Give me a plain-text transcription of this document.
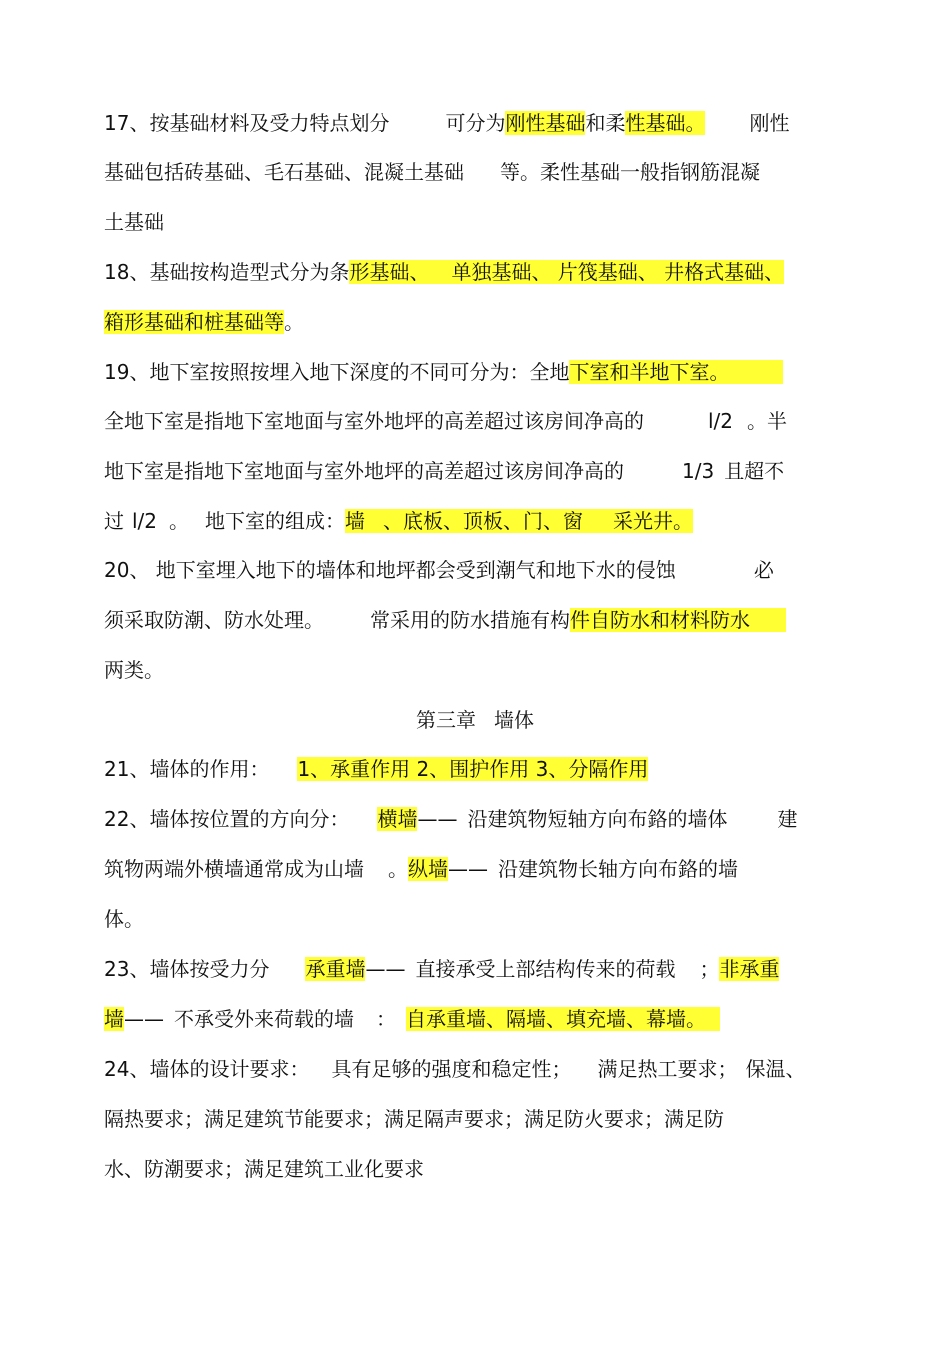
17、按基础材料及受力特点划分	可分为刚性基础和柔性基础。 刚性
基础包括砖基础、毛石基础、混凝土基础 等。柔性基础一般指钢筋混凝
土基础
18、基础按构造型式分为条形基础、 单独基础、 片筏基础、 井格式基础、
箱形基础和桩基础等。
19、地下室按照按埋入地下深度的不同可分为：全地下室和半地下室。
全地下室是指地下室地面与室外地坪的高差超过该房间净高的	l/2 。半
地下室是指地下室地面与室外地坪的高差超过该房间净高的	1/3 且超不
过 l/2 。 地下室的组成：墙 、底板、顶板、门、窗 采光井。
20、 地下室埋入地下的墙体和地坪都会受到潮气和地下水的侵蚀	必
须采取防潮、防水处理。 常采用的防水措施有构件自防水和材料防水
两类。
第三章 墙体
21、墙体的作用： 1、承重作用 2、围护作用 3、分隔作用
22、墙体按位置的方向分： 横墙—— 沿建筑物短轴方向布鉻的墙体	建
筑物两端外横墙通常成为山墙 。纵墙—— 沿建筑物长轴方向布鉻的墙
体。
23、墙体按受力分 承重墙—— 直接承受上部结构传来的荷载 ；非承重
墙—— 不承受外来荷载的墙 ： 自承重墙、隔墙、填充墙、幕墙。
24、墙体的设计要求： 具有足够的强度和稳定性； 满足热工要求； 保温、
隔热要求；满足建筑节能要求；满足隔声要求；满足防火要求；满足防
水、防潮要求；满足建筑工业化要求
